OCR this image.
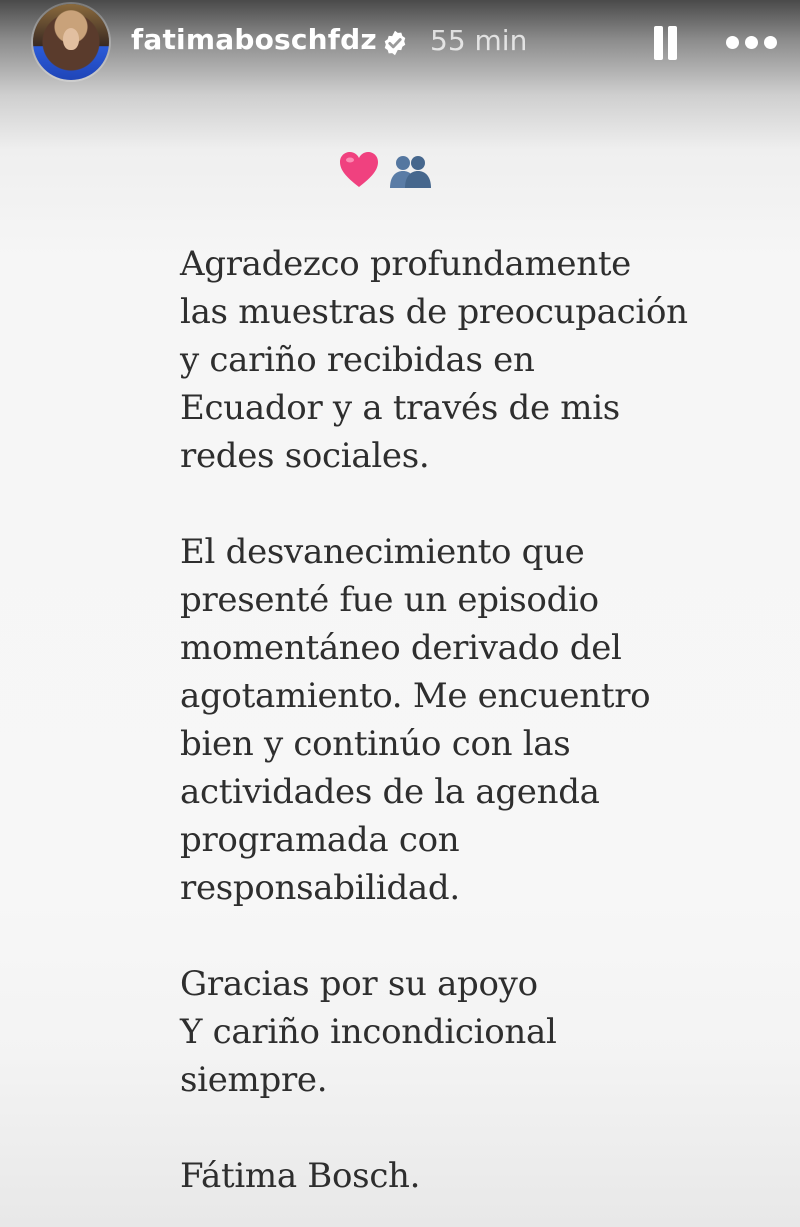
fatimaboschfdz 55 min

Agradezco profundamente
las muestras de preocupación
y cariño recibidas en
Ecuador y a través de mis
redes sociales.

El desvanecimiento que
presenté fue un episodio
momentáneo derivado del
agotamiento. Me encuentro
bien y continúo con las
actividades de la agenda
programada con
responsabilidad.

Gracias por su apoyo
Y cariño incondicional
siempre.

Fátima Bosch.
